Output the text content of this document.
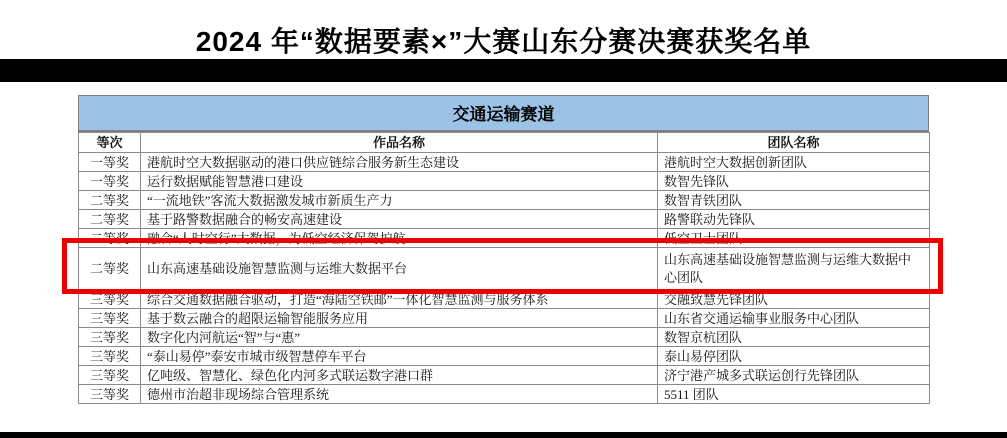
2024 年“数据要素×”大赛山东分赛决赛获奖名单
交通运输赛道
等次	作品名称	团队名称
一等奖	港航时空大数据驱动的港口供应链综合服务新生态建设	港航时空大数据创新团队
一等奖	运行数据赋能智慧港口建设	数智先锋队
二等奖	“一流地铁”客流大数据激发城市新质生产力	数智青铁团队
二等奖	基于路警数据融合的畅安高速建设	路警联动先锋队
二等奖	融合“人时空行”大数据，为低空经济保驾护航	低空卫士团队
二等奖	山东高速基础设施智慧监测与运维大数据平台	山东高速基础设施智慧监测与运维大数据中心团队
三等奖	综合交通数据融合驱动，打造“海陆空铁邮”一体化智慧监测与服务体系	交融致慧先锋团队
三等奖	基于数云融合的超限运输智能服务应用	山东省交通运输事业服务中心团队
三等奖	数字化内河航运“智”与“惠”	数智京杭团队
三等奖	“泰山易停”泰安市城市级智慧停车平台	泰山易停团队
三等奖	亿吨级、智慧化、绿色化内河多式联运数字港口群	济宁港产城多式联运创行先锋团队
三等奖	德州市治超非现场综合管理系统	5511 团队
